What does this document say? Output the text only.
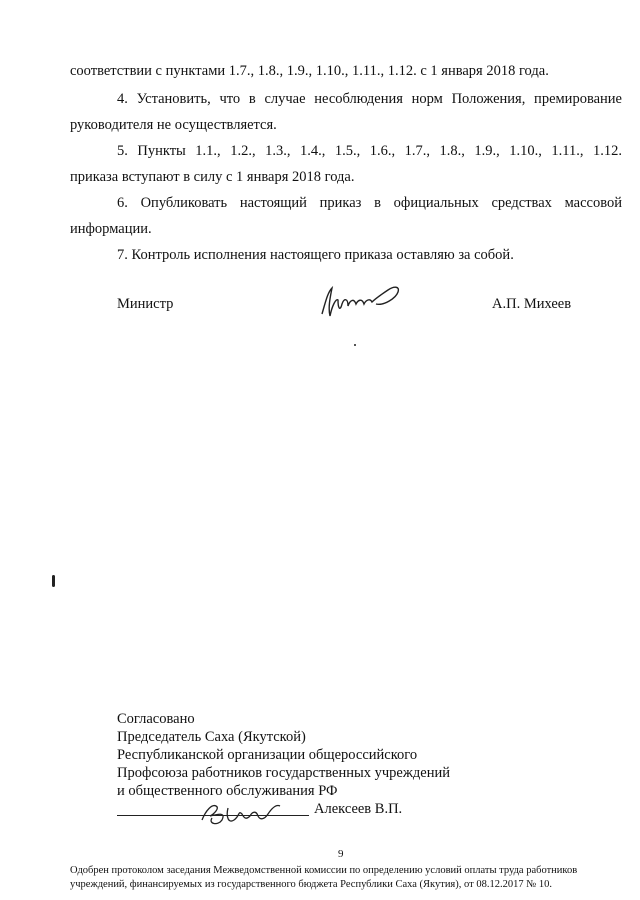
соответствии с пунктами 1.7., 1.8., 1.9., 1.10., 1.11., 1.12. с 1 января 2018 года.
4. Установить, что в случае несоблюдения норм Положения, премирование
руководителя не осуществляется.
5. Пункты 1.1., 1.2., 1.3., 1.4., 1.5., 1.6., 1.7., 1.8., 1.9., 1.10., 1.11., 1.12.
приказа вступают в силу с 1 января 2018 года.
6. Опубликовать настоящий приказ в официальных средствах массовой
информации.
7. Контроль исполнения настоящего приказа оставляю за собой.
Министр	А.П. Михеев
Согласовано
Председатель Саха (Якутской)
Республиканской организации общероссийского
Профсоюза работников государственных учреждений
и общественного обслуживания РФ
Алексеев В.П.
9
Одобрен протоколом заседания Межведомственной комиссии по определению условий оплаты труда работников
учреждений, финансируемых из государственного бюджета Республики Саха (Якутия), от 08.12.2017 № 10.
